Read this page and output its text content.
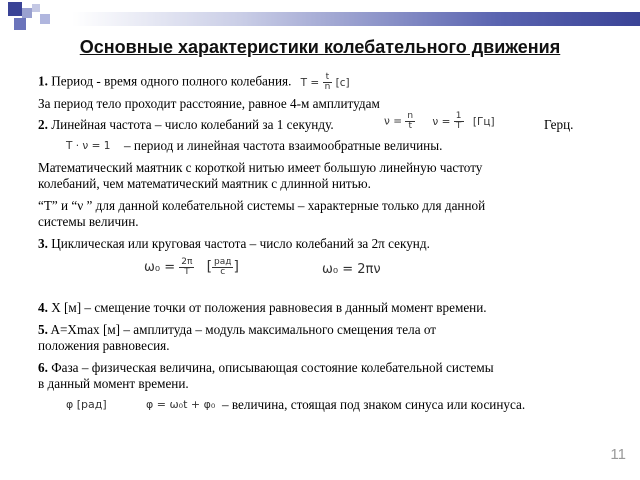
Основные характеристики колебательного движения
1. Период - время одного полного колебания. $T = \frac{t}{n} [c]$
За период тело проходит расстояние, равное 4-м амплитудам
2. Линейная частота – число колебаний за 1 секунду.	$\nu = \frac{n}{t}$ $\nu = \frac{1}{T} [Гц]$	Герц.
T · ν = 1 – период и линейная частота взаимообратные величины.
Математический маятник с короткой нитью имеет большую линейную частоту
колебаний, чем математический маятник с длинной нитью.
“Т” и “ν ” для данной колебательной системы – характерные только для данной
системы величин.
3. Циклическая или круговая частота – число колебаний за 2π секунд.
$\omega_0 = \frac{2\pi}{T}$ [ $\frac{\text{рад}}{с}$ ]	ω₀ = 2πν
4. X [м] – смещение точки от положения равновесия в данный момент времени.
5. A=Xmax [м] – амплитуда – модуль максимального смещения тела от
положения равновесия.
6. Фаза – физическая величина, описывающая состояние колебательной системы
в данный момент времени.
φ [рад]	φ = ω₀t + φ₀ – величина, стоящая под знаком синуса или косинуса.
11
